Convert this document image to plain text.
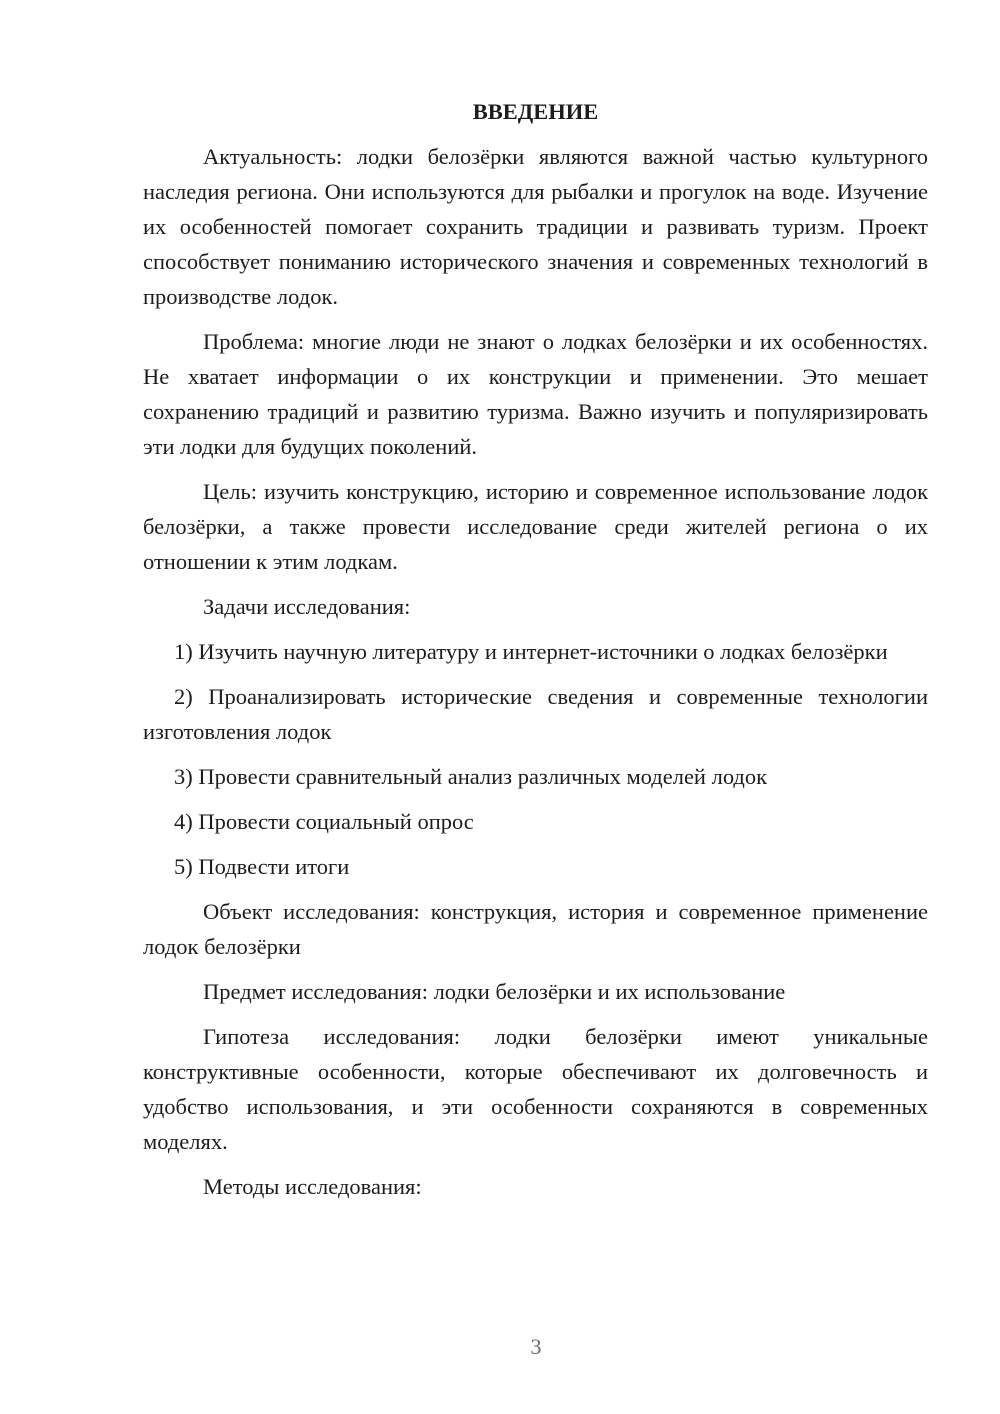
ВВЕДЕНИЕ

Актуальность: лодки белозёрки являются важной частью культурного наследия региона. Они используются для рыбалки и прогулок на воде. Изучение их особенностей помогает сохранить традиции и развивать туризм. Проект способствует пониманию исторического значения и современных технологий в производстве лодок.

Проблема: многие люди не знают о лодках белозёрки и их особенностях. Не хватает информации о их конструкции и применении. Это мешает сохранению традиций и развитию туризма. Важно изучить и популяризировать эти лодки для будущих поколений.

Цель: изучить конструкцию, историю и современное использование лодок белозёрки, а также провести исследование среди жителей региона о их отношении к этим лодкам.

Задачи исследования:

1) Изучить научную литературу и интернет-источники о лодках белозёрки

2) Проанализировать исторические сведения и современные технологии изготовления лодок

3) Провести сравнительный анализ различных моделей лодок

4) Провести социальный опрос

5) Подвести итоги

Объект исследования: конструкция, история и современное применение лодок белозёрки

Предмет исследования: лодки белозёрки и их использование

Гипотеза исследования: лодки белозёрки имеют уникальные конструктивные особенности, которые обеспечивают их долговечность и удобство использования, и эти особенности сохраняются в современных моделях.

Методы исследования:

3
